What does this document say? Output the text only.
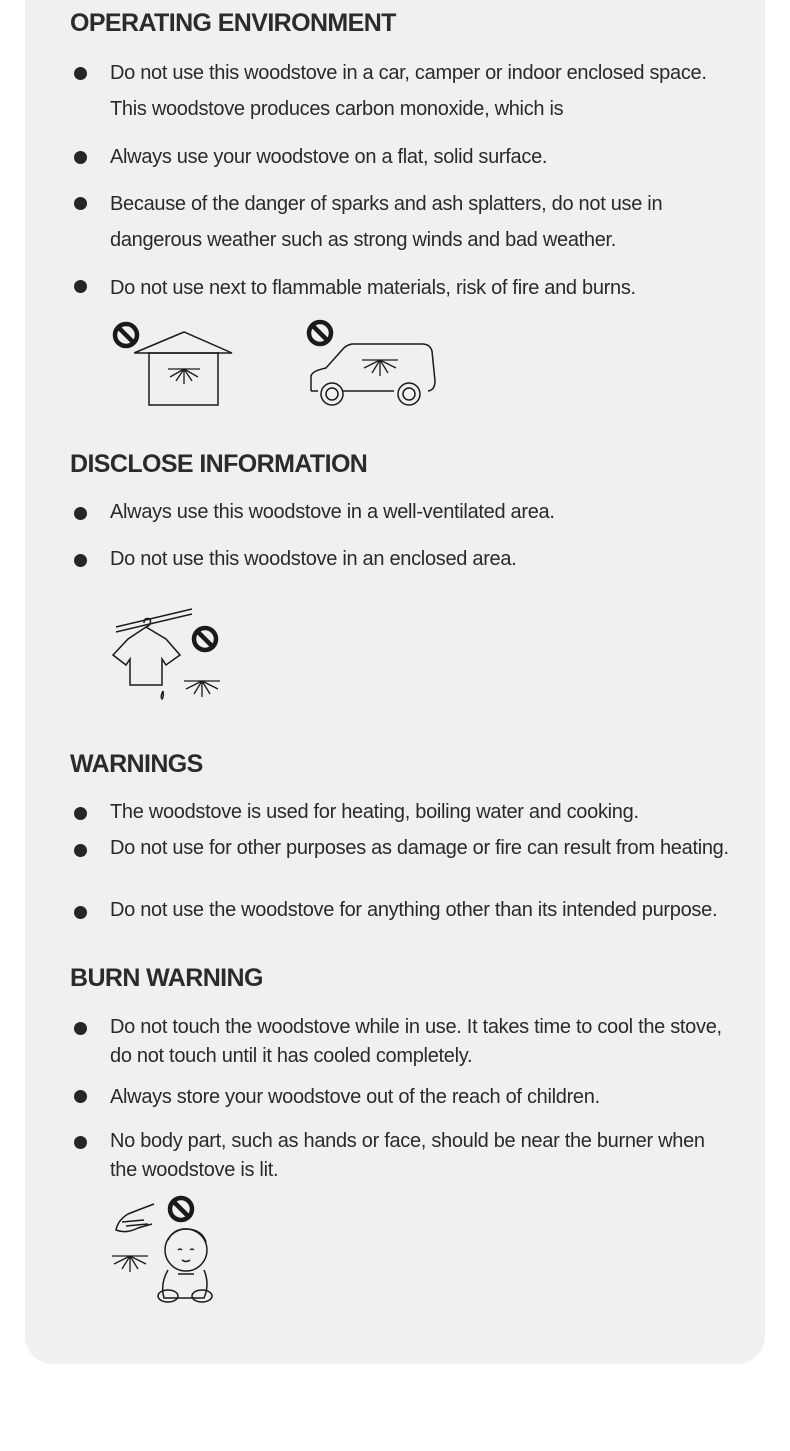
OPERATING ENVIRONMENT

Do not use this woodstove in a car, camper or indoor enclosed space. This woodstove produces carbon monoxide, which is

Always use your woodstove on a flat, solid surface.

Because of the danger of sparks and ash splatters, do not use in dangerous weather such as strong winds and bad weather.

Do not use next to flammable materials, risk of fire and burns.

DISCLOSE INFORMATION

Always use this woodstove in a well-ventilated area.

Do not use this woodstove in an enclosed area.

WARNINGS

The woodstove is used for heating, boiling water and cooking.

Do not use for other purposes as damage or fire can result from heating.

Do not use the woodstove for anything other than its intended purpose.

BURN WARNING

Do not touch the woodstove while in use. It takes time to cool the stove, do not touch until it has cooled completely.

Always store your woodstove out of the reach of children.

No body part, such as hands or face, should be near the burner when the woodstove is lit.
